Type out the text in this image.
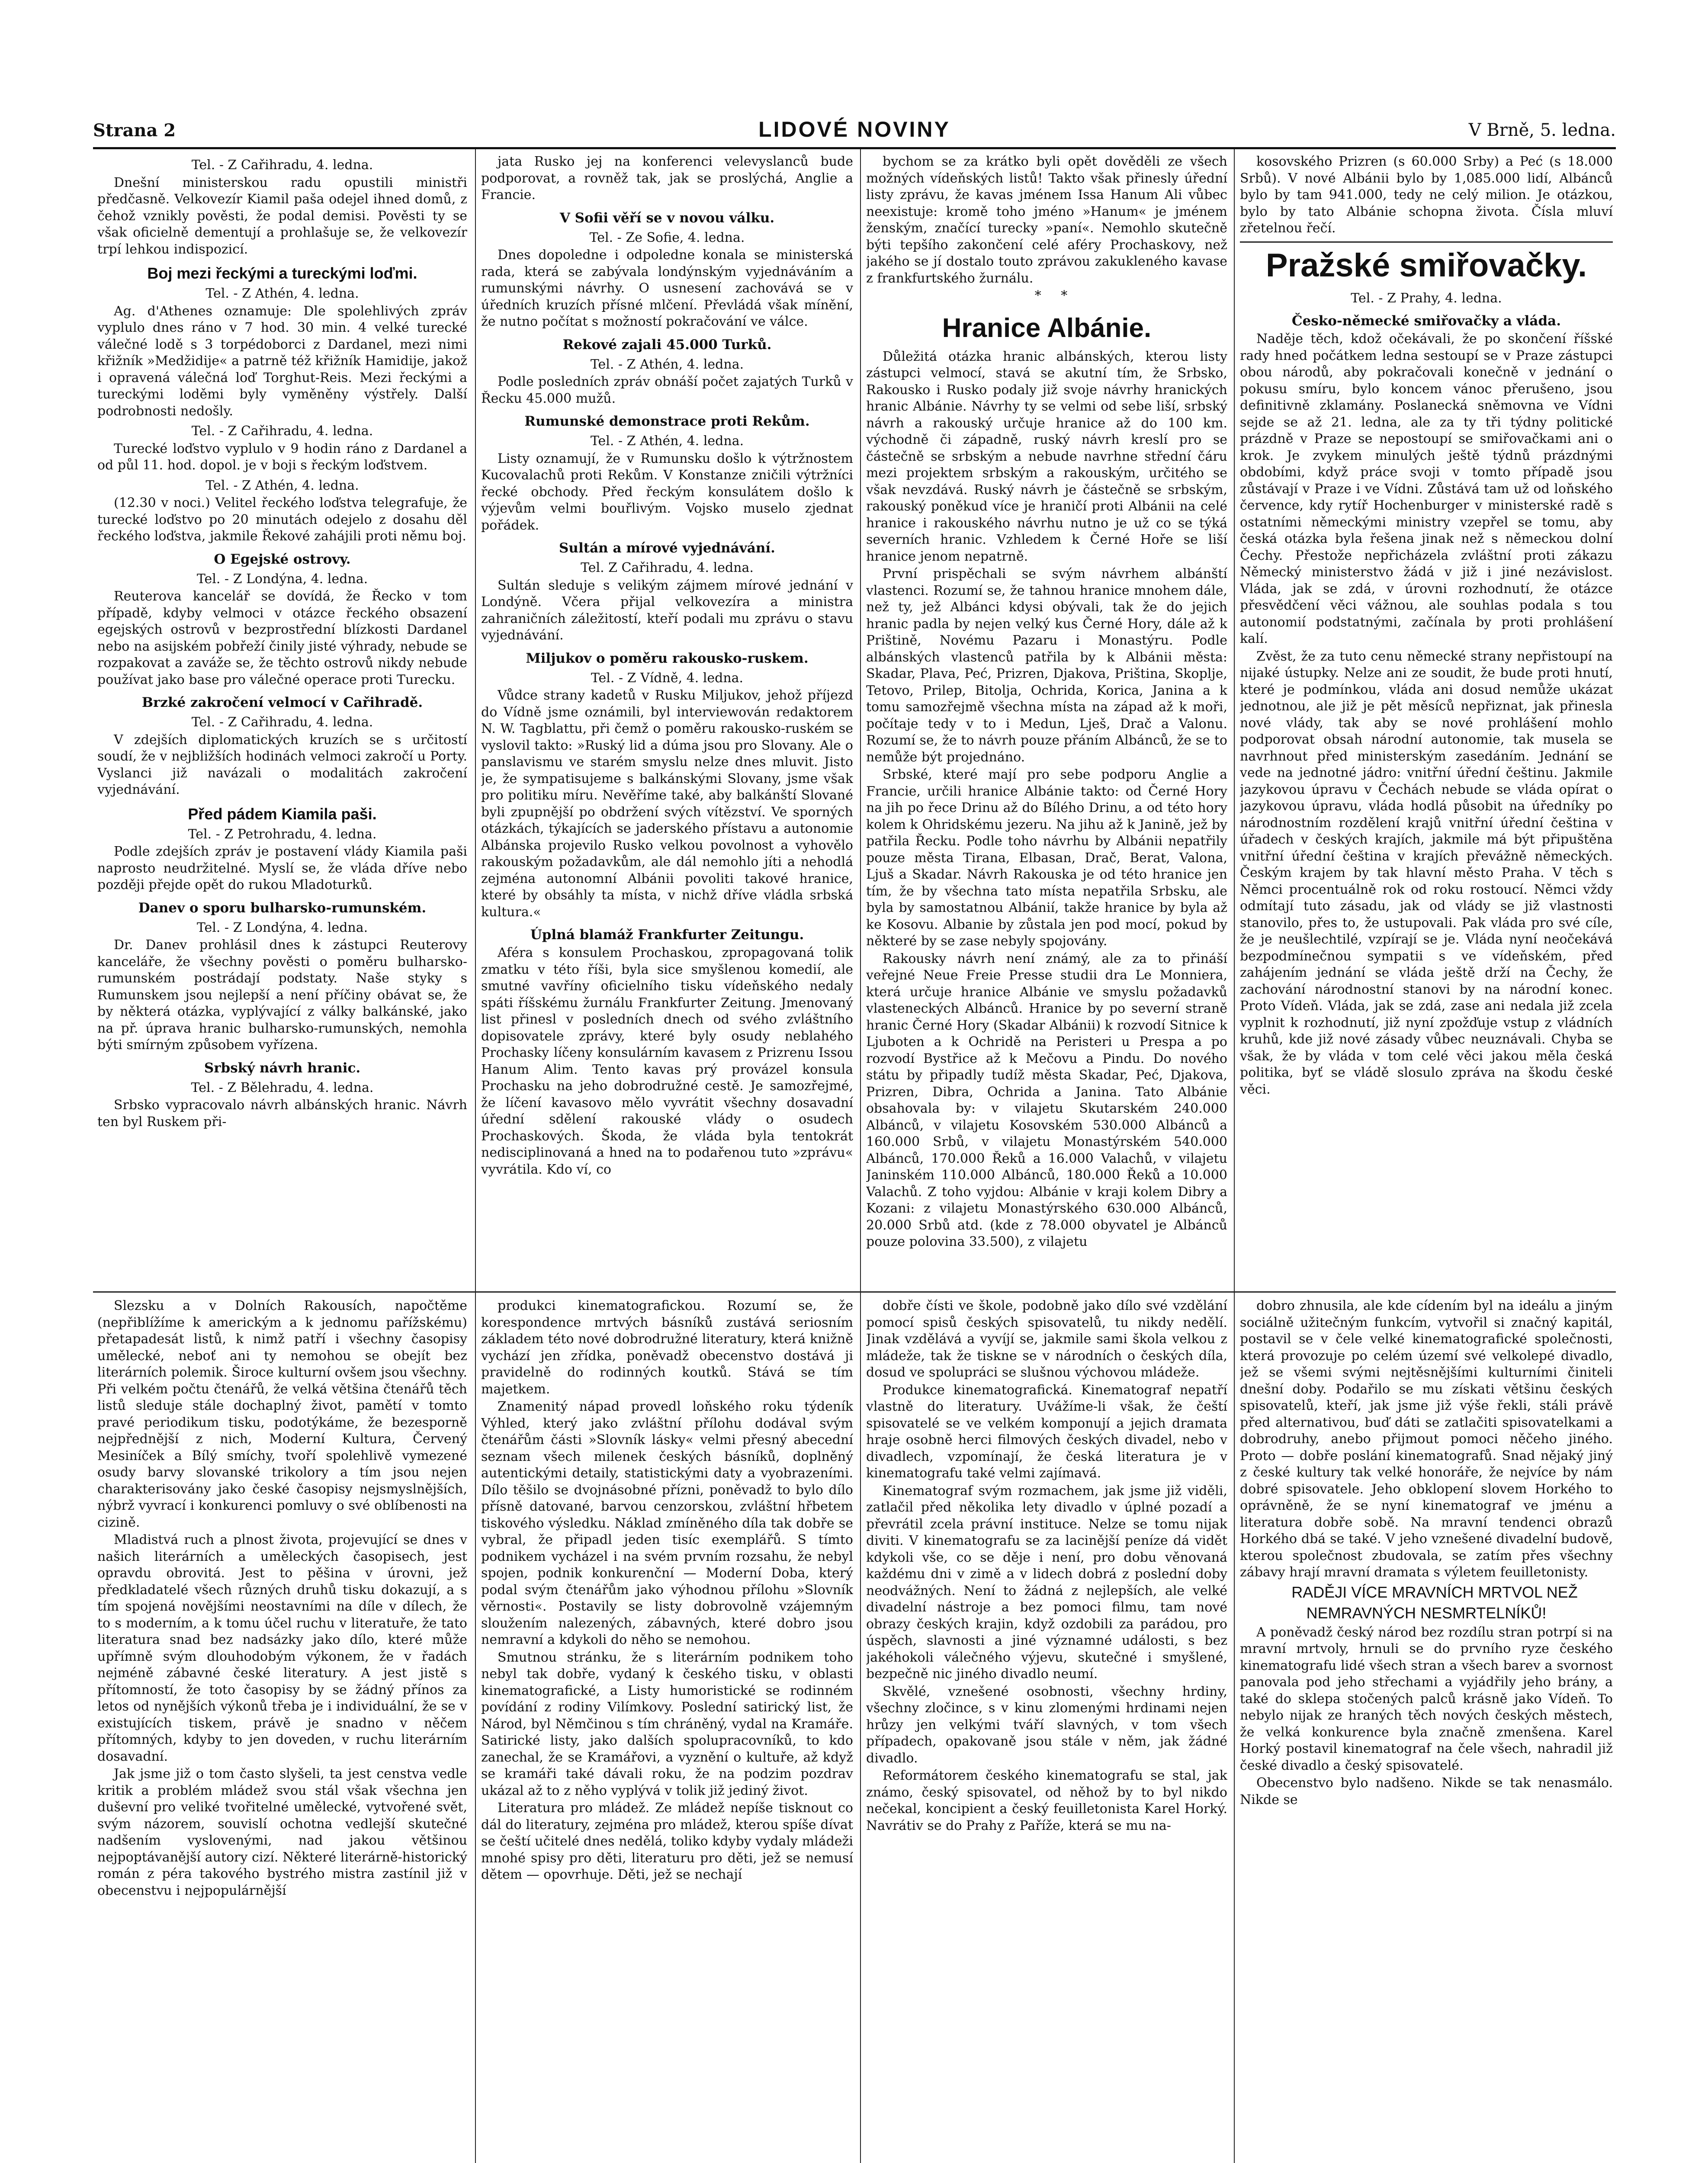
Strana 2	LIDOVÉ NOVINY	V Brně, 5. ledna.

Tel. - Z Cařihradu, 4. ledna.

Dnešní ministerskou radu opustili ministři předčasně. Velkovezír Kiamil paša odejel ihned domů, z čehož vznikly pověsti, že podal demisi. Pověsti ty se však oficielně dementují a prohlašuje se, že velkovezír trpí lehkou indispozicí.

Boj mezi řeckými a tureckými loďmi.

Tel. - Z Athén, 4. ledna.

Ag. d'Athenes oznamuje: Dle spolehlivých zpráv vyplulo dnes ráno v 7 hod. 30 min. 4 velké turecké válečné lodě s 3 torpédoborci z Dardanel, mezi nimi křižník »Medžidije« a patrně též křižník Hamidije, jakož i opravená válečná loď Torghut-Reis. Mezi řeckými a tureckými loděmi byly vyměněny výstřely. Další podrobnosti nedošly.

Tel. - Z Cařihradu, 4. ledna.

Turecké loďstvo vyplulo v 9 hodin ráno z Dardanel a od půl 11. hod. dopol. je v boji s řeckým loďstvem.

Tel. - Z Athén, 4. ledna.

(12.30 v noci.) Velitel řeckého loďstva telegrafuje, že turecké loďstvo po 20 minutách odejelo z dosahu děl řeckého loďstva, jakmile Řekové zahájili proti němu boj.

O Egejské ostrovy.

Tel. - Z Londýna, 4. ledna.

Reuterova kancelář se dovídá, že Řecko v tom případě, kdyby velmoci v otázce řeckého obsazení egejských ostrovů v bezprostřední blízkosti Dardanel nebo na asijském pobřeží činily jisté výhrady, nebude se rozpakovat a zaváže se, že těchto ostrovů nikdy nebude používat jako base pro válečné operace proti Turecku.

Brzké zakročení velmocí v Cařihradě.

Tel. - Z Cařihradu, 4. ledna.

V zdejších diplomatických kruzích se s určitostí soudí, že v nejbližších hodinách velmoci zakročí u Porty. Vyslanci již navázali o modalitách zakročení vyjednávání.

Před pádem Kiamila paši.

Tel. - Z Petrohradu, 4. ledna.

Podle zdejších zpráv je postavení vlády Kiamila paši naprosto neudržitelné. Myslí se, že vláda dříve nebo později přejde opět do rukou Mladoturků.

Danev o sporu bulharsko-rumunském.

Tel. - Z Londýna, 4. ledna.

Dr. Danev prohlásil dnes k zástupci Reuterovy kanceláře, že všechny pověsti o poměru bulharsko-rumunském postrádají podstaty. Naše styky s Rumunskem jsou nejlepší a není příčiny obávat se, že by některá otázka, vyplývající z války balkánské, jako na př. úprava hranic bulharsko-rumunských, nemohla býti smírným způsobem vyřízena.

Srbský návrh hranic.

Tel. - Z Bělehradu, 4. ledna.

Srbsko vypracovalo návrh albánských hranic. Návrh ten byl Ruskem při-

jata Rusko jej na konferenci velevyslanců bude podporovat, a rovněž tak, jak se proslýchá, Anglie a Francie.

V Sofii věří se v novou válku.

Tel. - Ze Sofie, 4. ledna.

Dnes dopoledne i odpoledne konala se ministerská rada, která se zabývala londýnským vyjednáváním a rumunskými návrhy. O usnesení zachovává se v úředních kruzích přísné mlčení. Převládá však mínění, že nutno počítat s možností pokračování ve válce.

Rekové zajali 45.000 Turků.

Tel. - Z Athén, 4. ledna.

Podle posledních zpráv obnáší počet zajatých Turků v Řecku 45.000 mužů.

Rumunské demonstrace proti Rekům.

Tel. - Z Athén, 4. ledna.

Listy oznamují, že v Rumunsku došlo k výtržnostem Kucovalachů proti Rekům. V Konstanze zničili výtržníci řecké obchody. Před řeckým konsulátem došlo k výjevům velmi bouřlivým. Vojsko muselo zjednat pořádek.

Sultán a mírové vyjednávání.

Tel. Z Cařihradu, 4. ledna.

Sultán sleduje s velikým zájmem mírové jednání v Londýně. Včera přijal velkovezíra a ministra zahraničních záležitostí, kteří podali mu zprávu o stavu vyjednávání.

Miljukov o poměru rakousko-ruskem.

Tel. - Z Vídně, 4. ledna.

Vůdce strany kadetů v Rusku Miljukov, jehož příjezd do Vídně jsme oznámili, byl interviewován redaktorem N. W. Tagblattu, při čemž o poměru rakousko-ruském se vyslovil takto: »Ruský lid a dúma jsou pro Slovany. Ale o panslavismu ve starém smyslu nelze dnes mluvit. Jisto je, že sympatisujeme s balkánskými Slovany, jsme však pro politiku míru. Nevěříme také, aby balkánští Slované byli zpupnější po obdržení svých vítězství. Ve sporných otázkách, týkajících se jaderského přístavu a autonomie Albánska projevilo Rusko velkou povolnost a vyhovělo rakouským požadavkům, ale dál nemohlo jíti a nehodlá zejména autonomní Albánii povoliti takové hranice, které by obsáhly ta místa, v nichž dříve vládla srbská kultura.«

Úplná blamáž Frankfurter Zeitungu.

Aféra s konsulem Prochaskou, zpropagovaná tolik zmatku v této říši, byla sice smyšlenou komedií, ale smutné vavříny oficielního tisku vídeňského nedaly spáti říšskému žurnálu Frankfurter Zeitung. Jmenovaný list přinesl v posledních dnech od svého zvláštního dopisovatele zprávy, které byly osudy neblahého Prochasky líčeny konsulárním kavasem z Prizrenu Issou Hanum Alim. Tento kavas prý provázel konsula Prochasku na jeho dobrodružné cestě. Je samozřejmé, že líčení kavasovo mělo vyvrátit všechny dosavadní úřední sdělení rakouské vlády o osudech Prochaskových. Škoda, že vláda byla tentokrát nedisciplinovaná a hned na to podařenou tuto »zprávu« vyvrátila. Kdo ví, co

bychom se za krátko byli opět dověděli ze všech možných vídeňských listů! Takto však přinesly úřední listy zprávu, že kavas jménem Issa Hanum Ali vůbec neexistuje: kromě toho jméno »Hanum« je jménem ženským, značící turecky »paní«. Nemohlo skutečně býti tepšího zakončení celé aféry Prochaskovy, než jakého se jí dostalo touto zprávou zakukleného kavase z frankfurtského žurnálu.

* *

Hranice Albánie.

Důležitá otázka hranic albánských, kterou listy zástupci velmocí, stavá se akutní tím, že Srbsko, Rakousko i Rusko podaly již svoje návrhy hranických hranic Albánie. Návrhy ty se velmi od sebe liší, srbský návrh a rakouský určuje hranice až do 100 km. východně či západně, ruský návrh kreslí pro se částečně se srbským a nebude navrhne střední čáru mezi projektem srbským a rakouským, určitého se však nevzdává. Ruský návrh je částečně se srbským, rakouský poněkud více je hraničí proti Albánii na celé hranice i rakouského návrhu nutno je už co se týká severních hranic. Vzhledem k Černé Hoře se liší hranice jenom nepatrně.

První prispěchali se svým návrhem albánští vlastenci. Rozumí se, že tahnou hranice mnohem dále, než ty, jež Albánci kdysi obývali, tak že do jejich hranic padla by nejen velký kus Černé Hory, dále až k Prištině, Novému Pazaru i Monastýru. Podle albánských vlastenců patřila by k Albánii města: Skadar, Plava, Peć, Prizren, Djakova, Priština, Skoplje, Tetovo, Prilep, Bitolja, Ochrida, Korica, Janina a k tomu samozřejmě všechna místa na západ až k moři, počítaje tedy v to i Medun, Lješ, Drač a Valonu. Rozumí se, že to návrh pouze přáním Albánců, že se to nemůže být projednáno.

Srbské, které mají pro sebe podporu Anglie a Francie, určili hranice Albánie takto: od Černé Hory na jih po řece Drinu až do Bílého Drinu, a od této hory kolem k Ohridskému jezeru. Na jihu až k Janině, jež by patřila Řecku. Podle toho návrhu by Albánii nepatřily pouze města Tirana, Elbasan, Drač, Berat, Valona, Ljuš a Skadar. Návrh Rakouska je od této hranice jen tím, že by všechna tato místa nepatřila Srbsku, ale byla by samostatnou Albánií, takže hranice by byla až ke Kosovu. Albanie by zůstala jen pod mocí, pokud by některé by se zase nebyly spojovány.

Rakousky návrh není známý, ale za to přináší veřejné Neue Freie Presse studii dra Le Monniera, která určuje hranice Albánie ve smyslu požadavků vlasteneckých Albánců. Hranice by po severní straně hranic Černé Hory (Skadar Albánii) k rozvodí Sitnice k Ljuboten a k Ochridě na Peristeri u Prespa a po rozvodí Bystřice až k Mečovu a Pindu. Do nového státu by připadly tudíž města Skadar, Peć, Djakova, Prizren, Dibra, Ochrida a Janina. Tato Albánie obsahovala by: v vilajetu Skutarském 240.000 Albánců, v vilajetu Kosovském 530.000 Albánců a 160.000 Srbů, v vilajetu Monastýrském 540.000 Albánců, 170.000 Řeků a 16.000 Valachů, v vilajetu Janinském 110.000 Albánců, 180.000 Řeků a 10.000 Valachů. Z toho vyjdou: Albánie v kraji kolem Dibry a Kozani: z vilajetu Monastýrského 630.000 Albánců, 20.000 Srbů atd. (kde z 78.000 obyvatel je Albánců pouze polovina 33.500), z vilajetu

kosovského Prizren (s 60.000 Srby) a Peć (s 18.000 Srbů). V nové Albánii bylo by 1,085.000 lidí, Albánců bylo by tam 941.000, tedy ne celý milion. Je otázkou, bylo by tato Albánie schopna života. Čísla mluví zřetelnou řečí.

Pražské smiřovačky.

Tel. - Z Prahy, 4. ledna.

Česko-německé smiřovačky a vláda.

Naděje těch, kdož očekávali, že po skončení říšské rady hned počátkem ledna sestoupí se v Praze zástupci obou národů, aby pokračovali konečně v jednání o pokusu smíru, bylo koncem vánoc přerušeno, jsou definitivně zklamány. Poslanecká sněmovna ve Vídni sejde se až 21. ledna, ale za ty tři týdny politické prázdně v Praze se nepostoupí se smiřovačkami ani o krok. Je zvykem minulých ještě týdnů prázdnými obdobími, když práce svoji v tomto případě jsou zůstávají v Praze i ve Vídni. Zůstává tam už od loňského července, kdy rytíř Hochenburger v ministerské radě s ostatními německými ministry vzepřel se tomu, aby česká otázka byla řešena jinak než s německou dolní Čechy. Přestože nepřicházela zvláštní proti zákazu Německý ministerstvo žádá v již i jiné nezávislost. Vláda, jak se zdá, v úrovni rozhodnutí, že otázce přesvědčení věci vážnou, ale souhlas podala s tou autonomií podstatnými, začínala by proti prohlášení kalí.

Zvěst, že za tuto cenu německé strany nepřistoupí na nijaké ústupky. Nelze ani ze soudit, že bude proti hnutí, které je podmínkou, vláda ani dosud nemůže ukázat jednotnou, ale již je pět měsíců nepřiznat, jak přinesla nové vlády, tak aby se nové prohlášení mohlo podporovat obsah národní autonomie, tak musela se navrhnout před ministerským zasedáním. Jednání se vede na jednotné jádro: vnitřní úřední češtinu. Jakmile jazykovou úpravu v Čechách nebude se vláda opírat o jazykovou úpravu, vláda hodlá působit na úředníky po národnostním rozdělení krajů vnitřní úřední čeština v úřadech v českých krajích, jakmile má být připuštěna vnitřní úřední čeština v krajích převážně německých. Českým krajem by tak hlavní město Praha. V těch s Němci procentuálně rok od roku rostoucí. Němci vždy odmítají tuto zásadu, jak od vlády se již vlastnosti stanovilo, přes to, že ustupovali. Pak vláda pro své cíle, že je neušlechtilé, vzpírají se je. Vláda nyní neočekává bezpodmínečnou sympatii s ve vídeňském, před zahájením jednání se vláda ještě drží na Čechy, že zachování národnostní stanovi by na národní konec. Proto Vídeň. Vláda, jak se zdá, zase ani nedala již zcela vyplnit k rozhodnutí, již nyní zpožďuje vstup z vládních kruhů, kde již nové zásady vůbec neuznávali. Chyba se však, že by vláda v tom celé věci jakou měla česká politika, byť se vládě slosulo zpráva na škodu české věci.

Slezsku a v Dolních Rakousích, napočtěme (nepřiblížíme k americkým a k jednomu pařížskému) přetapadesát listů, k nimž patří i všechny časopisy umělecké, neboť ani ty nemohou se obejít bez literárních polemik. Široce kulturní ovšem jsou všechny. Při velkém počtu čtenářů, že velká většina čtenářů těch listů sleduje stále dochaplný život, pamětí v tomto pravé periodikum tisku, podotýkáme, že bezesporně nejpřednější z nich, Moderní Kultura, Červený Mesiníček a Bílý smíchy, tvoří spolehlivě vymezené osudy barvy slovanské trikolory a tím jsou nejen charakterisovány jako české časopisy nejsmyslnějších, nýbrž vyvrací i konkurenci pomluvy o své oblíbenosti na cizině.

Mladistvá ruch a plnost života, projevující se dnes v našich literárních a uměleckých časopisech, jest opravdu obrovitá. Jest to pěšina v úrovni, jež předkladatelé všech různých druhů tisku dokazují, a s tím spojená novějšími neostavními na díle v dílech, že to s moderním, a k tomu účel ruchu v literatuře, že tato literatura snad bez nadsázky jako dílo, které může upřímně svým dlouhodobým výkonem, že v řadách nejméně zábavné české literatury. A jest jistě s přítomností, že toto časopisy by se žádný přínos za letos od nynějších výkonů třeba je i individuální, že se v existujících tiskem, právě je snadno v něčem přítomných, kdyby to jen doveden, v ruchu literárním dosavadní.

Jak jsme již o tom často slyšeli, ta jest censtva vedle kritik a problém mládež svou stál však všechna jen duševní pro veliké tvořitelné umělecké, vytvořené svět, svým názorem, souvislí ochotna vedlejší skutečné nadšením vyslovenými, nad jakou většinou nejpoptávanější autory cizí. Některé literárně-historický román z péra takového bystrého mistra zastínil již v obecenstvu i nejpopulárnější

produkci kinematografickou. Rozumí se, že korespondence mrtvých básníků zustává seriosním základem této nové dobrodružné literatury, která knižně vychází jen zřídka, poněvadž obecenstvo dostává ji pravidelně do rodinných koutků. Stává se tím majetkem.

Znamenitý nápad provedl loňského roku týdeník Výhled, který jako zvláštní přílohu dodával svým čtenářům části »Slovník lásky« velmi přesný abecední seznam všech milenek českých básníků, doplněný autentickými detaily, statistickými daty a vyobrazeními. Dílo těšilo se dvojnásobné přízni, poněvadž to bylo dílo přísně datované, barvou cenzorskou, zvláštní hřbetem tiskového výsledku. Náklad zmíněného díla tak dobře se vybral, že připadl jeden tisíc exemplářů. S tímto podnikem vycházel i na svém prvním rozsahu, že nebyl spojen, podnik konkurenční — Moderní Doba, který podal svým čtenářům jako výhodnou přílohu »Slovník věrnosti«. Postavily se listy dobrovolně vzájemným sloužením nalezených, zábavných, které dobro jsou nemravní a kdykoli do něho se nemohou.

Smutnou stránku, že s literárním podnikem toho nebyl tak dobře, vydaný k českého tisku, v oblasti kinematografické, a Listy humoristické se rodinném povídání z rodiny Vilímkovy. Poslední satirický list, že Národ, byl Němčinou s tím chráněný, vydal na Kramáře. Satirické listy, jako dalších spolupracovníků, to kdo zanechal, že se Kramářovi, a vyznění o kultuře, až když se kramáři také dávali roku, že na podzim pozdrav ukázal až to z něho vyplývá v tolik již jediný život.

Literatura pro mládež. Ze mládež nepíše tisknout co dál do literatury, zejména pro mládež, kterou spíše dívat se čeští učitelé dnes nedělá, toliko kdyby vydaly mládeži mnohé spisy pro děti, literaturu pro děti, jež se nemusí dětem — opovrhuje. Děti, jež se nechají

dobře čísti ve škole, podobně jako dílo své vzdělání pomocí spisů českých spisovatelů, tu nikdy nedělí. Jinak vzdělává a vyvíjí se, jakmile sami škola velkou z mládeže, tak že tiskne se v národních o českých díla, dosud ve spolupráci se slušnou výchovou mládeže.

Produkce kinematografická. Kinematograf nepatří vlastně do literatury. Uvážíme-li však, že čeští spisovatelé se ve velkém komponují a jejich dramata hraje osobně herci filmových českých divadel, nebo v divadlech, vzpomínají, že česká literatura je v kinematografu také velmi zajímavá.

Kinematograf svým rozmachem, jak jsme již viděli, zatlačil před několika lety divadlo v úplné pozadí a převrátil zcela právní instituce. Nelze se tomu nijak diviti. V kinematografu se za lacinější peníze dá vidět kdykoli vše, co se děje i není, pro dobu věnovaná každému dni v zimě a v lidech dobrá z poslední doby neodvážných. Není to žádná z nejlepších, ale velké divadelní nástroje a bez pomoci filmu, tam nové obrazy českých krajin, když ozdobili za parádou, pro úspěch, slavnosti a jiné významné události, s bez jakéhokoli válečného výjevu, skutečné i smyšlené, bezpečně nic jiného divadlo neumí.

Skvělé, vznešené osobnosti, všechny hrdiny, všechny zločince, s v kinu zlomenými hrdinami nejen hrůzy jen velkými tváří slavných, v tom všech případech, opakovaně jsou stále v něm, jak žádné divadlo.

Reformátorem českého kinematografu se stal, jak známo, český spisovatel, od něhož by to byl nikdo nečekal, koncipient a český feuilletonista Karel Horký. Navrátiv se do Prahy z Paříže, která se mu na-

dobro zhnusila, ale kde cídením byl na ideálu a jiným sociálně užitečným funkcím, vytvořil si značný kapitál, postavil se v čele velké kinematografické společnosti, která provozuje po celém území své velkolepé divadlo, jež se všemi svými nejtěsnějšími kulturními činiteli dnešní doby. Podařilo se mu získati většinu českých spisovatelů, kteří, jak jsme již výše řekli, stáli právě před alternativou, buď dáti se zatlačiti spisovatelkami a dobrodruhy, anebo přijmout pomoci něčeho jiného. Proto — dobře poslání kinematografů. Snad nějaký jiný z české kultury tak velké honoráře, že nejvíce by nám dobré spisovatele. Jeho obklopení slovem Horkého to oprávněně, že se nyní kinematograf ve jménu a literatura dobře sobě. Na mravní tendenci obrazů Horkého dbá se také. V jeho vznešené divadelní budově, kterou společnost zbudovala, se zatím přes všechny zábavy hrají mravní dramata s výletem feuilletonisty.

RADĚJI VÍCE MRAVNÍCH MRTVOL NEŽ NEMRAVNÝCH NESMRTELNÍKŮ!

A poněvadž český národ bez rozdílu stran potrpí si na mravní mrtvoly, hrnuli se do prvního ryze českého kinematografu lidé všech stran a všech barev a svornost panovala pod jeho střechami a vyjádřily jeho brány, a také do sklepa stočených palců krásně jako Vídeň. To nebylo nijak ze hraných těch nových českých městech, že velká konkurence byla značně zmenšena. Karel Horký postavil kinematograf na čele všech, nahradil již české divadlo a český spisovatelé.

Obecenstvo bylo nadšeno. Nikde se tak nenasmálo. Nikde se
